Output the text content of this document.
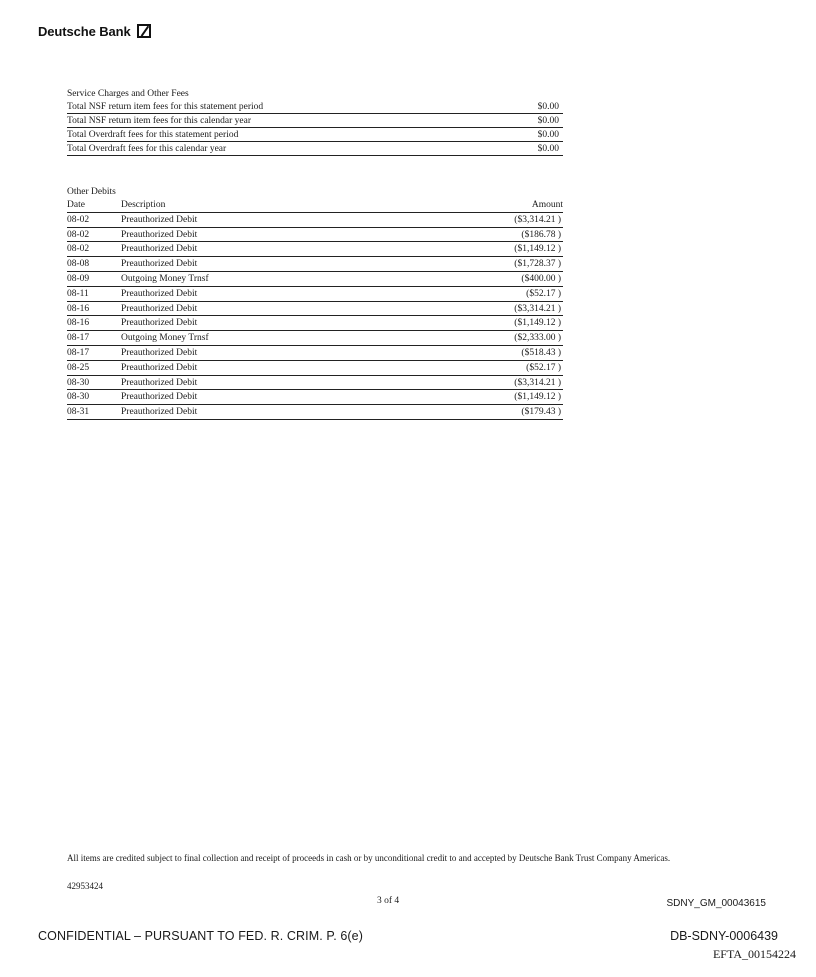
Deutsche Bank
Service Charges and Other Fees
Total NSF return item fees for this statement period	$0.00
Total NSF return item fees for this calendar year	$0.00
Total Overdraft fees for this statement period	$0.00
Total Overdraft fees for this calendar year	$0.00
Other Debits
Date	Description	Amount
08-02	Preauthorized Debit	($3,314.21 )
08-02	Preauthorized Debit	($186.78 )
08-02	Preauthorized Debit	($1,149.12 )
08-08	Preauthorized Debit	($1,728.37 )
08-09	Outgoing Money Trnsf	($400.00 )
08-11	Preauthorized Debit	($52.17 )
08-16	Preauthorized Debit	($3,314.21 )
08-16	Preauthorized Debit	($1,149.12 )
08-17	Outgoing Money Trnsf	($2,333.00 )
08-17	Preauthorized Debit	($518.43 )
08-25	Preauthorized Debit	($52.17 )
08-30	Preauthorized Debit	($3,314.21 )
08-30	Preauthorized Debit	($1,149.12 )
08-31	Preauthorized Debit	($179.43 )
All items are credited subject to final collection and receipt of proceeds in cash or by unconditional credit to and accepted by Deutsche Bank Trust Company Americas.
42953424
3 of 4	SDNY_GM_00043615
CONFIDENTIAL – PURSUANT TO FED. R. CRIM. P. 6(e)	DB-SDNY-0006439
EFTA_00154224
